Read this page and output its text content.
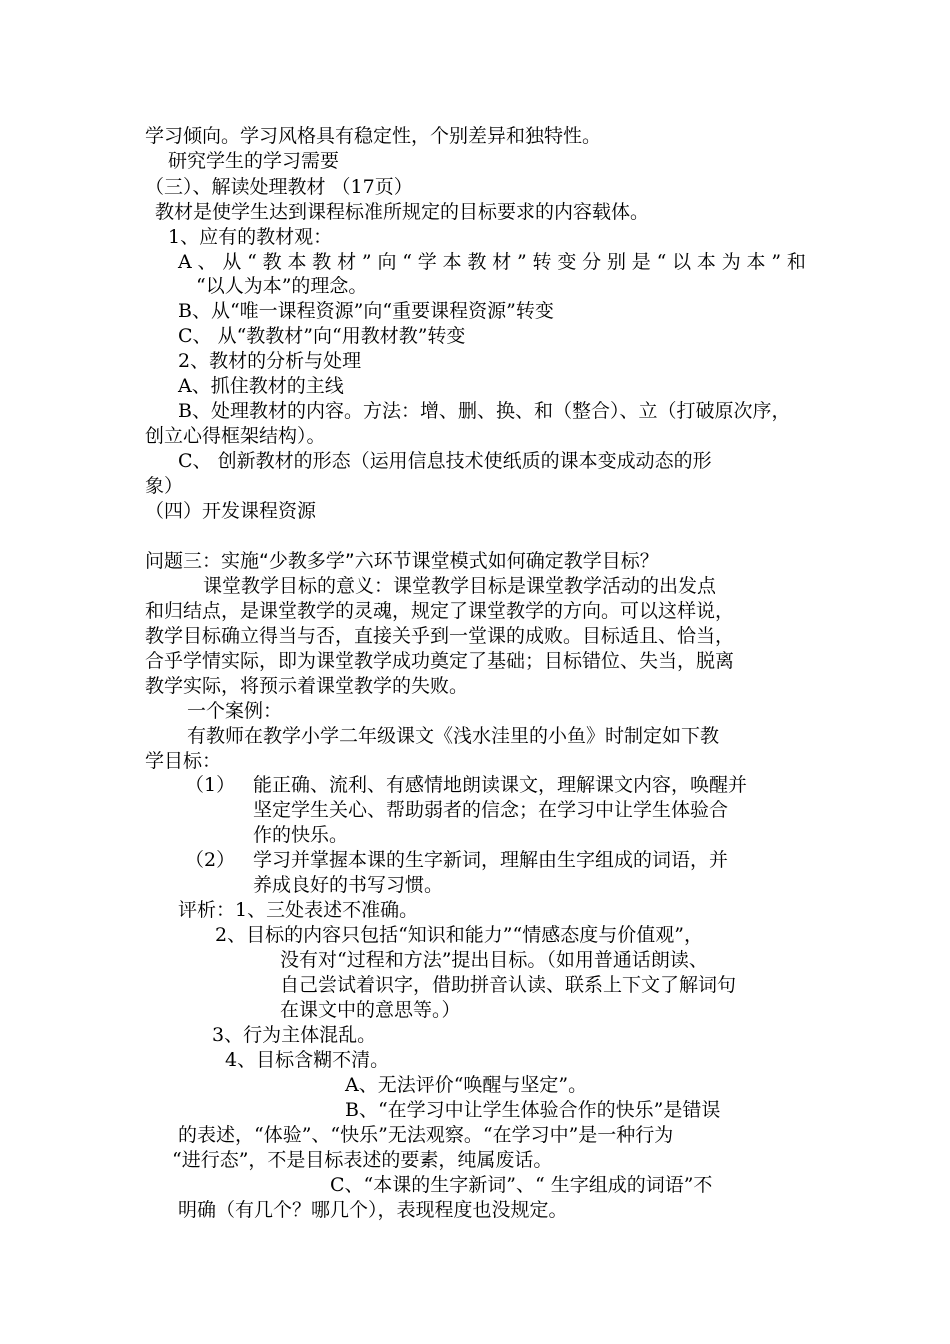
学习倾向。学习风格具有稳定性，个别差异和独特性。
研究学生的学习需要
（三）、解读处理教材 （17页）
教材是使学生达到课程标准所规定的目标要求的内容载体。
1、应有的教材观：
A 、 从 “ 教 本 教 材 ” 向 “ 学 本 教 材 ” 转 变 分 别 是 “ 以 本 为 本 ” 和
“以人为本”的理念。
B、从“唯一课程资源”向“重要课程资源”转变
C、 从“教教材”向“用教材教”转变
2、教材的分析与处理
A、抓住教材的主线
B、处理教材的内容。方法：增、删、换、和（整合）、立（打破原次序，
创立心得框架结构）。
C、 创新教材的形态（运用信息技术使纸质的课本变成动态的形
象）
（四）开发课程资源
问题三：实施“少教多学”六环节课堂模式如何确定教学目标？
课堂教学目标的意义：课堂教学目标是课堂教学活动的出发点
和归结点，是课堂教学的灵魂，规定了课堂教学的方向。可以这样说，
教学目标确立得当与否，直接关乎到一堂课的成败。目标适且、恰当，
合乎学情实际，即为课堂教学成功奠定了基础；目标错位、失当，脱离
教学实际，将预示着课堂教学的失败。
一个案例：
有教师在教学小学二年级课文《浅水洼里的小鱼》时制定如下教
学目标：
（1） 能正确、流利、有感情地朗读课文，理解课文内容，唤醒并
坚定学生关心、帮助弱者的信念；在学习中让学生体验合
作的快乐。
（2） 学习并掌握本课的生字新词，理解由生字组成的词语，并
养成良好的书写习惯。
评析：1、三处表述不准确。
2、目标的内容只包括“知识和能力”“情感态度与价值观”，
没有对“过程和方法”提出目标。（如用普通话朗读、
自己尝试着识字，借助拼音认读、联系上下文了解词句
在课文中的意思等。）
3、行为主体混乱。
4、目标含糊不清。
A、无法评价“唤醒与坚定”。
B、“在学习中让学生体验合作的快乐”是错误
的表述，“体验”、“快乐”无法观察。“在学习中”是一种行为
“进行态”，不是目标表述的要素，纯属废话。
C、“本课的生字新词”、“ 生字组成的词语”不
明确（有几个？哪几个），表现程度也没规定。
